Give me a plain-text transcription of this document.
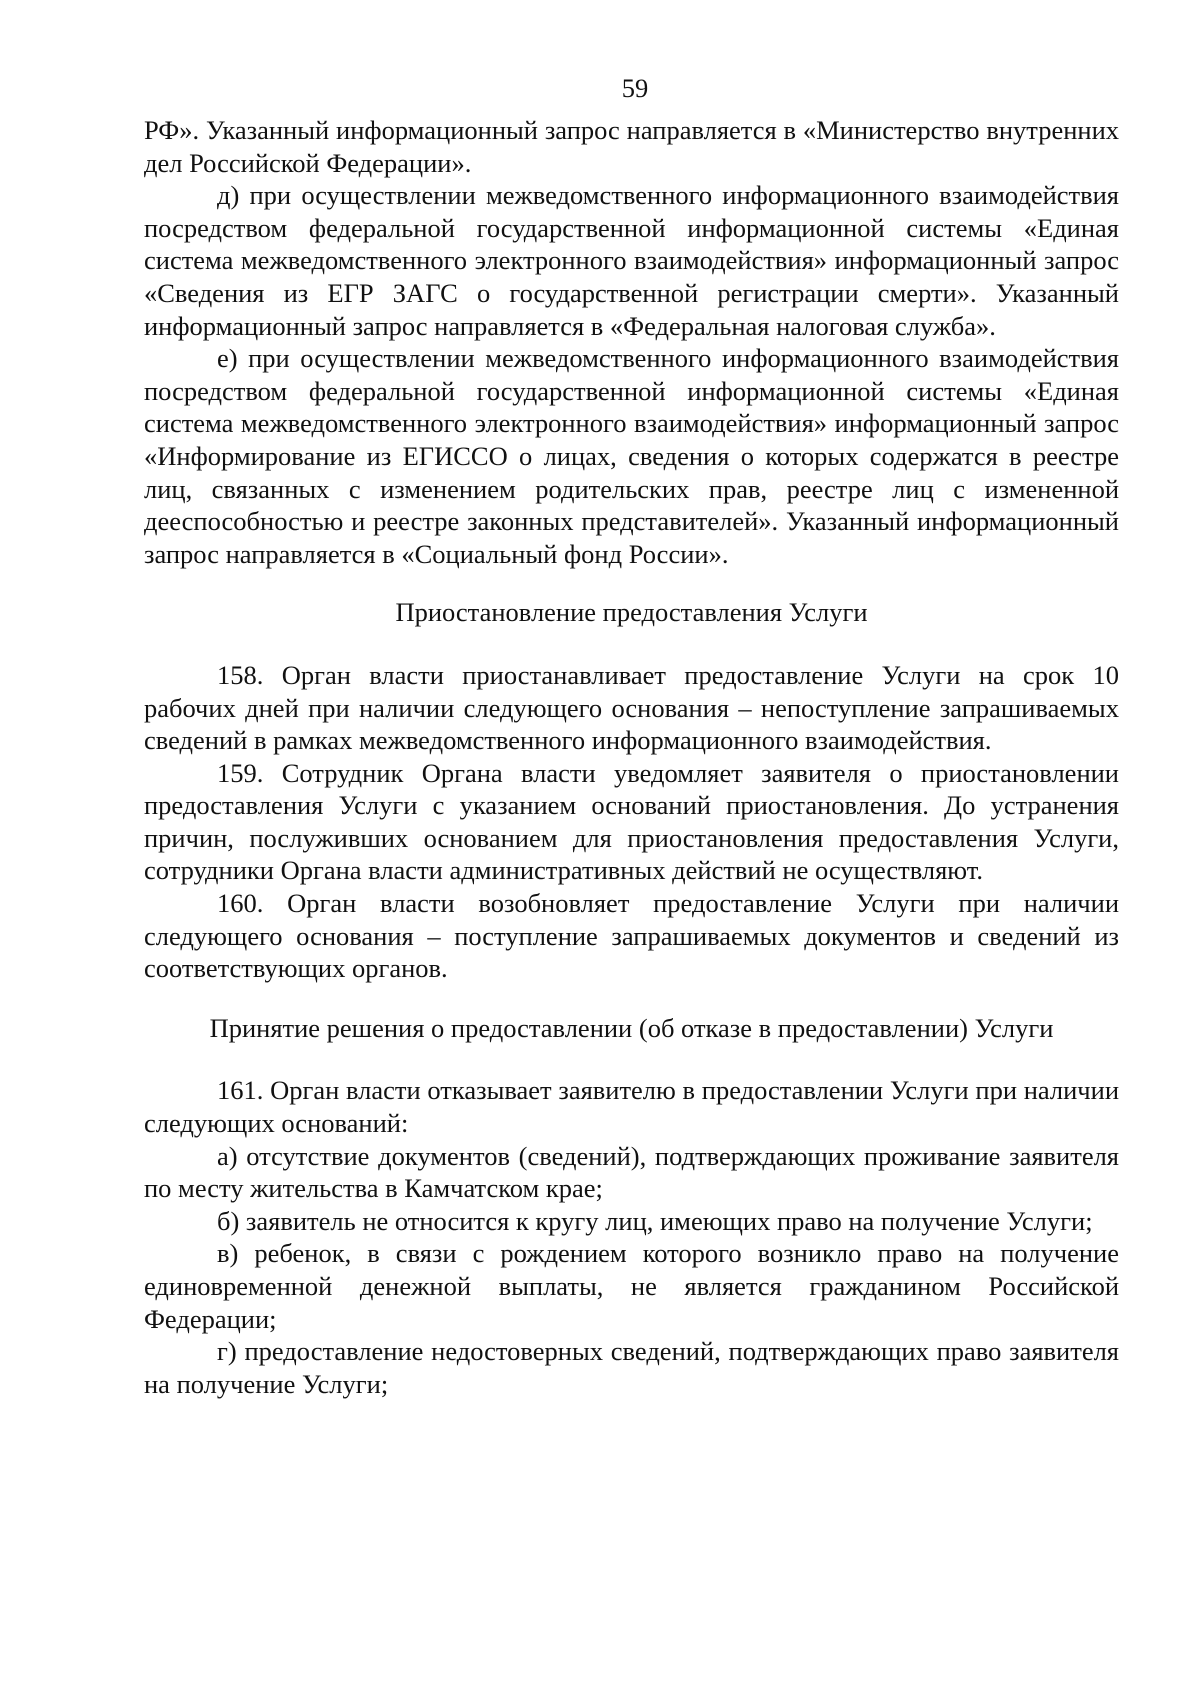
59

РФ». Указанный информационный запрос направляется в «Министерство внутренних дел Российской Федерации».

д) при осуществлении межведомственного информационного взаимодействия посредством федеральной государственной информационной системы «Единая система межведомственного электронного взаимодействия» информационный запрос «Сведения из ЕГР ЗАГС о государственной регистрации смерти». Указанный информационный запрос направляется в «Федеральная налоговая служба».

е) при осуществлении межведомственного информационного взаимодействия посредством федеральной государственной информационной системы «Единая система межведомственного электронного взаимодействия» информационный запрос «Информирование из ЕГИССО о лицах, сведения о которых содержатся в реестре лиц, связанных с изменением родительских прав, реестре лиц с измененной дееспособностью и реестре законных представителей». Указанный информационный запрос направляется в «Социальный фонд России».

Приостановление предоставления Услуги

158. Орган власти приостанавливает предоставление Услуги на срок 10 рабочих дней при наличии следующего основания – непоступление запрашиваемых сведений в рамках межведомственного информационного взаимодействия.

159. Сотрудник Органа власти уведомляет заявителя о приостановлении предоставления Услуги с указанием оснований приостановления. До устранения причин, послуживших основанием для приостановления предоставления Услуги, сотрудники Органа власти административных действий не осуществляют.

160. Орган власти возобновляет предоставление Услуги при наличии следующего основания – поступление запрашиваемых документов и сведений из соответствующих органов.

Принятие решения о предоставлении (об отказе в предоставлении) Услуги

161. Орган власти отказывает заявителю в предоставлении Услуги при наличии следующих оснований:

а) отсутствие документов (сведений), подтверждающих проживание заявителя по месту жительства в Камчатском крае;

б) заявитель не относится к кругу лиц, имеющих право на получение Услуги;

в) ребенок, в связи с рождением которого возникло право на получение единовременной денежной выплаты, не является гражданином Российской Федерации;

г) предоставление недостоверных сведений, подтверждающих право заявителя на получение Услуги;
